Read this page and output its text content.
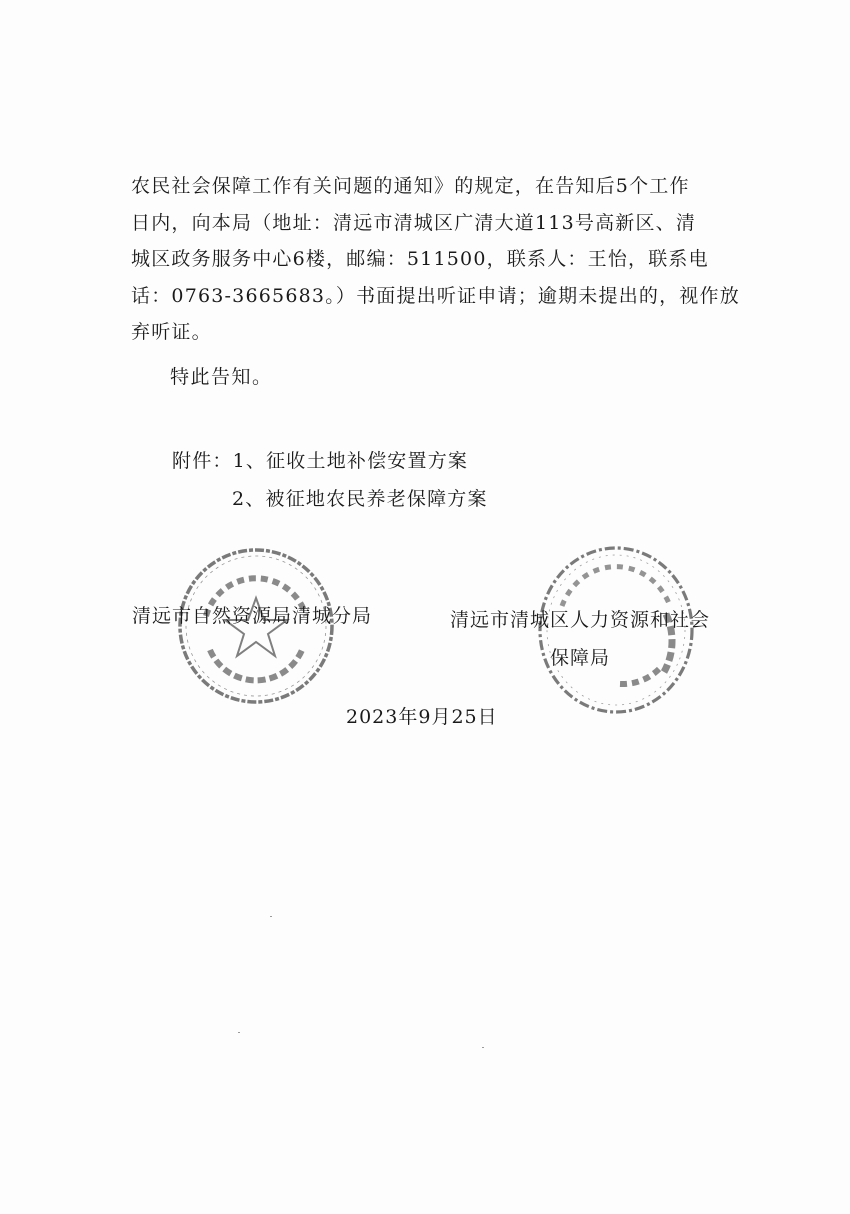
农民社会保障工作有关问题的通知》的规定，在告知后5个工作
日内，向本局（地址：清远市清城区广清大道113号高新区、清
城区政务服务中心6楼，邮编：511500，联系人：王怡，联系电
话：0763-3665683。）书面提出听证申请；逾期未提出的，视作放
弃听证。

特此告知。

附件：1、征收土地补偿安置方案
2、被征地农民养老保障方案

清远市自然资源局清城分局	清远市清城区人力资源和社会
保障局

2023年9月25日
